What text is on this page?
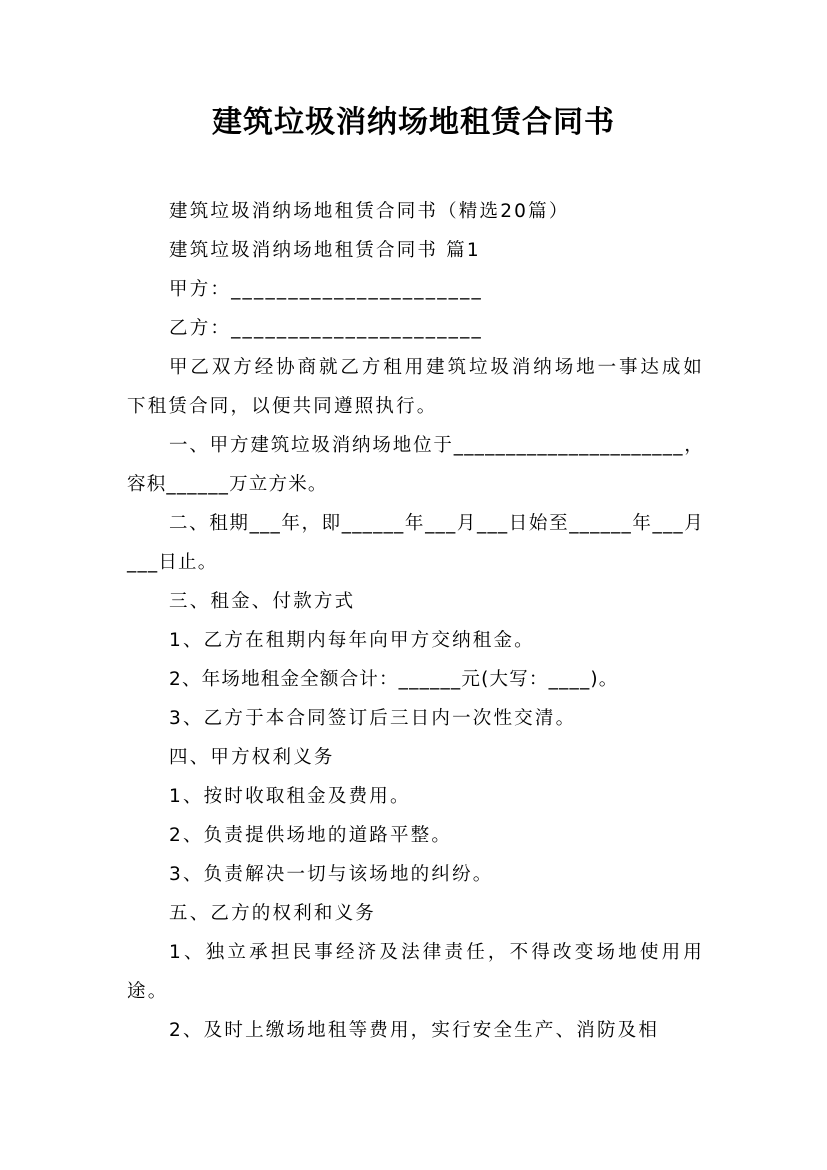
建筑垃圾消纳场地租赁合同书

建筑垃圾消纳场地租赁合同书（精选20篇）

建筑垃圾消纳场地租赁合同书 篇1

甲方：______________________

乙方：______________________

甲乙双方经协商就乙方租用建筑垃圾消纳场地一事达成如下租赁合同，以便共同遵照执行。

一、甲方建筑垃圾消纳场地位于______________________，容积______万立方米。

二、租期___年，即______年___月___日始至______年___月___日止。

三、租金、付款方式

1、乙方在租期内每年向甲方交纳租金。

2、年场地租金全额合计：______元(大写：____)。

3、乙方于本合同签订后三日内一次性交清。

四、甲方权利义务

1、按时收取租金及费用。

2、负责提供场地的道路平整。

3、负责解决一切与该场地的纠纷。

五、乙方的权利和义务

1、独立承担民事经济及法律责任，不得改变场地使用用途。

2、及时上缴场地租等费用，实行安全生产、消防及相
